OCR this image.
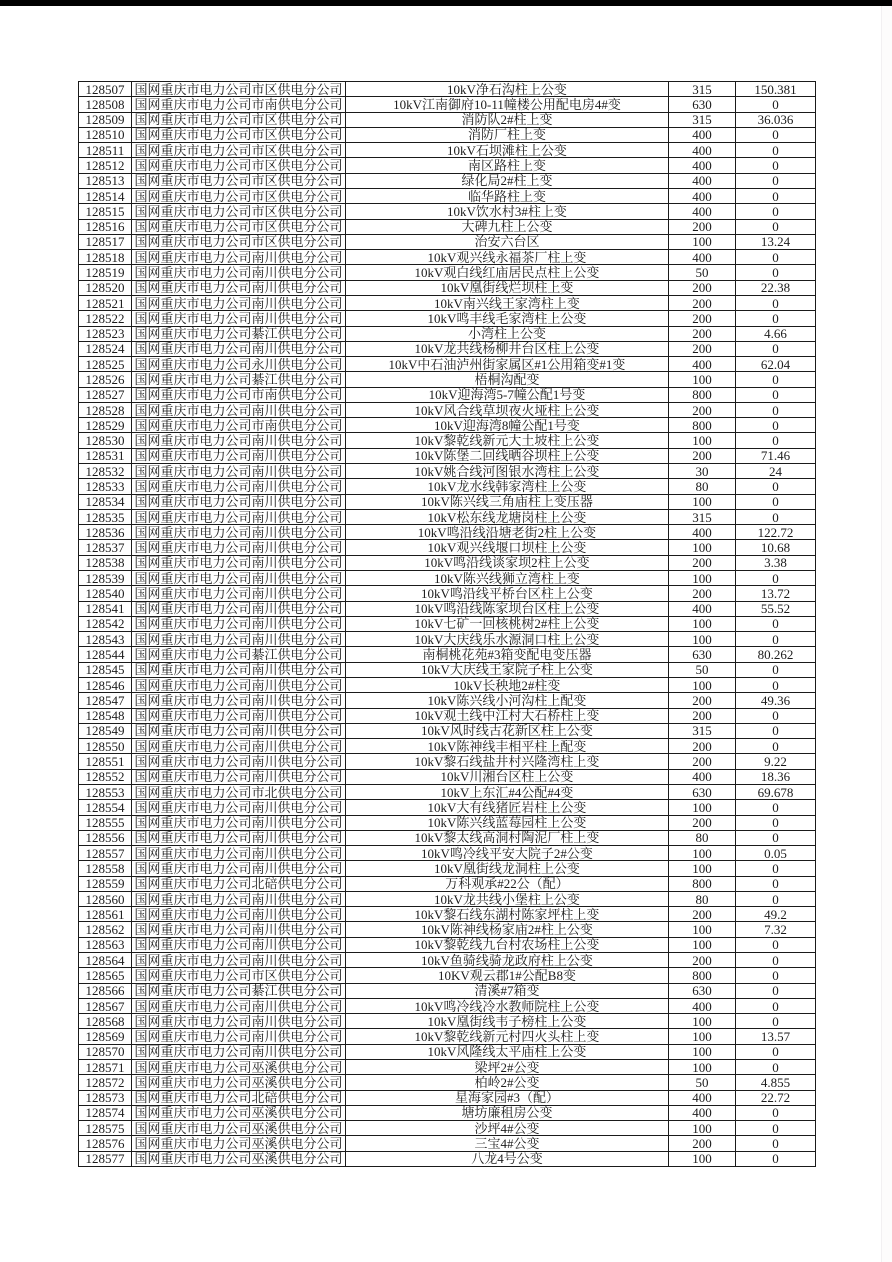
128507	国网重庆市电力公司市区供电分公司	10kV净石沟柱上公变	315	150.381
128508	国网重庆市电力公司市南供电分公司	10kV江南御府10-11幢楼公用配电房4#变	630	0
128509	国网重庆市电力公司市区供电分公司	消防队2#柱上变	315	36.036
128510	国网重庆市电力公司市区供电分公司	消防厂柱上变	400	0
128511	国网重庆市电力公司市区供电分公司	10kV石坝滩柱上公变	400	0
128512	国网重庆市电力公司市区供电分公司	南区路柱上变	400	0
128513	国网重庆市电力公司市区供电分公司	绿化局2#柱上变	400	0
128514	国网重庆市电力公司市区供电分公司	临华路柱上变	400	0
128515	国网重庆市电力公司市区供电分公司	10kV饮水村3#柱上变	400	0
128516	国网重庆市电力公司市区供电分公司	大碑九柱上公变	200	0
128517	国网重庆市电力公司市区供电分公司	治安六台区	100	13.24
128518	国网重庆市电力公司南川供电分公司	10kV观兴线永福茶厂柱上变	400	0
128519	国网重庆市电力公司南川供电分公司	10kV观白线红庙居民点柱上公变	50	0
128520	国网重庆市电力公司南川供电分公司	10kV凰街线烂坝柱上变	200	22.38
128521	国网重庆市电力公司南川供电分公司	10kV南兴线王家湾柱上变	200	0
128522	国网重庆市电力公司南川供电分公司	10kV鸣丰线毛家湾柱上公变	200	0
128523	国网重庆市电力公司綦江供电分公司	小湾柱上公变	200	4.66
128524	国网重庆市电力公司南川供电分公司	10kV龙共线杨柳井台区柱上公变	200	0
128525	国网重庆市电力公司永川供电分公司	10kV中石油泸州街家属区#1公用箱变#1变	400	62.04
128526	国网重庆市电力公司綦江供电分公司	梧桐沟配变	100	0
128527	国网重庆市电力公司市南供电分公司	10kV迎海湾5-7幢公配1号变	800	0
128528	国网重庆市电力公司南川供电分公司	10kV风合线草坝夜火垭柱上公变	200	0
128529	国网重庆市电力公司市南供电分公司	10kV迎海湾8幢公配1号变	800	0
128530	国网重庆市电力公司南川供电分公司	10kV黎乾线新元大土坡柱上公变	100	0
128531	国网重庆市电力公司南川供电分公司	10kV陈堡二回线晒谷坝柱上公变	200	71.46
128532	国网重庆市电力公司南川供电分公司	10kV姚合线河图银水湾柱上公变	30	24
128533	国网重庆市电力公司南川供电分公司	10kV龙水线韩家湾柱上公变	80	0
128534	国网重庆市电力公司南川供电分公司	10kV陈兴线三角庙柱上变压器	100	0
128535	国网重庆市电力公司南川供电分公司	10kV松东线龙塘岗柱上公变	315	0
128536	国网重庆市电力公司南川供电分公司	10kV鸣沿线沿塘老街2柱上公变	400	122.72
128537	国网重庆市电力公司南川供电分公司	10kV观兴线堰口坝柱上公变	100	10.68
128538	国网重庆市电力公司南川供电分公司	10kV鸣沿线谈家坝2柱上公变	200	3.38
128539	国网重庆市电力公司南川供电分公司	10kV陈兴线狮立湾柱上变	100	0
128540	国网重庆市电力公司南川供电分公司	10kV鸣沿线平桥台区柱上公变	200	13.72
128541	国网重庆市电力公司南川供电分公司	10kV鸣沿线陈家坝台区柱上公变	400	55.52
128542	国网重庆市电力公司南川供电分公司	10kV七矿一回核桃树2#柱上公变	100	0
128543	国网重庆市电力公司南川供电分公司	10kV大庆线乐水源洞口柱上公变	100	0
128544	国网重庆市电力公司綦江供电分公司	南桐桃花苑#3箱变配电变压器	630	80.262
128545	国网重庆市电力公司南川供电分公司	10kV大庆线王家院子柱上公变	50	0
128546	国网重庆市电力公司南川供电分公司	10kV长秧地2#柱变	100	0
128547	国网重庆市电力公司南川供电分公司	10kV陈兴线小河沟柱上配变	200	49.36
128548	国网重庆市电力公司南川供电分公司	10kV观土线中江村大石桥柱上变	200	0
128549	国网重庆市电力公司南川供电分公司	10kV风时线古花新区柱上公变	315	0
128550	国网重庆市电力公司南川供电分公司	10kV陈神线丰相平柱上配变	200	0
128551	国网重庆市电力公司南川供电分公司	10kV黎石线盐井村兴隆湾柱上变	200	9.22
128552	国网重庆市电力公司南川供电分公司	10kV川湘台区柱上公变	400	18.36
128553	国网重庆市电力公司市北供电分公司	10kV上东汇#4公配#4变	630	69.678
128554	国网重庆市电力公司南川供电分公司	10kV大有线猪匠岩柱上公变	100	0
128555	国网重庆市电力公司南川供电分公司	10kV陈兴线蓝莓园柱上公变	200	0
128556	国网重庆市电力公司南川供电分公司	10kV黎太线高洞村陶泥厂柱上变	80	0
128557	国网重庆市电力公司南川供电分公司	10kV鸣冷线平安大院子2#公变	100	0.05
128558	国网重庆市电力公司南川供电分公司	10kV凰街线龙洞柱上公变	100	0
128559	国网重庆市电力公司北碚供电分公司	万科观承#22公（配）	800	0
128560	国网重庆市电力公司南川供电分公司	10kV龙共线小堡柱上公变	80	0
128561	国网重庆市电力公司南川供电分公司	10kV黎石线东湖村陈家坪柱上变	200	49.2
128562	国网重庆市电力公司南川供电分公司	10kV陈神线杨家庙2#柱上公变	100	7.32
128563	国网重庆市电力公司南川供电分公司	10kV黎乾线九台村农场柱上公变	100	0
128564	国网重庆市电力公司南川供电分公司	10kV鱼骑线骑龙政府柱上公变	200	0
128565	国网重庆市电力公司市区供电分公司	10KV观云郡1#公配B8变	800	0
128566	国网重庆市电力公司綦江供电分公司	清溪#7箱变	630	0
128567	国网重庆市电力公司南川供电分公司	10kV鸣冷线冷水教师院柱上公变	400	0
128568	国网重庆市电力公司南川供电分公司	10kV凰街线韦子榜柱上公变	100	0
128569	国网重庆市电力公司南川供电分公司	10kV黎乾线新元村四火头柱上变	100	13.57
128570	国网重庆市电力公司南川供电分公司	10kV风隆线太平庙柱上公变	100	0
128571	国网重庆市电力公司巫溪供电分公司	梁坪2#公变	100	0
128572	国网重庆市电力公司巫溪供电分公司	柏岭2#公变	50	4.855
128573	国网重庆市电力公司北碚供电分公司	星海家园#3（配）	400	22.72
128574	国网重庆市电力公司巫溪供电分公司	塘坊廉租房公变	400	0
128575	国网重庆市电力公司巫溪供电分公司	沙坪4#公变	100	0
128576	国网重庆市电力公司巫溪供电分公司	三宝4#公变	200	0
128577	国网重庆市电力公司巫溪供电分公司	八龙4号公变	100	0
